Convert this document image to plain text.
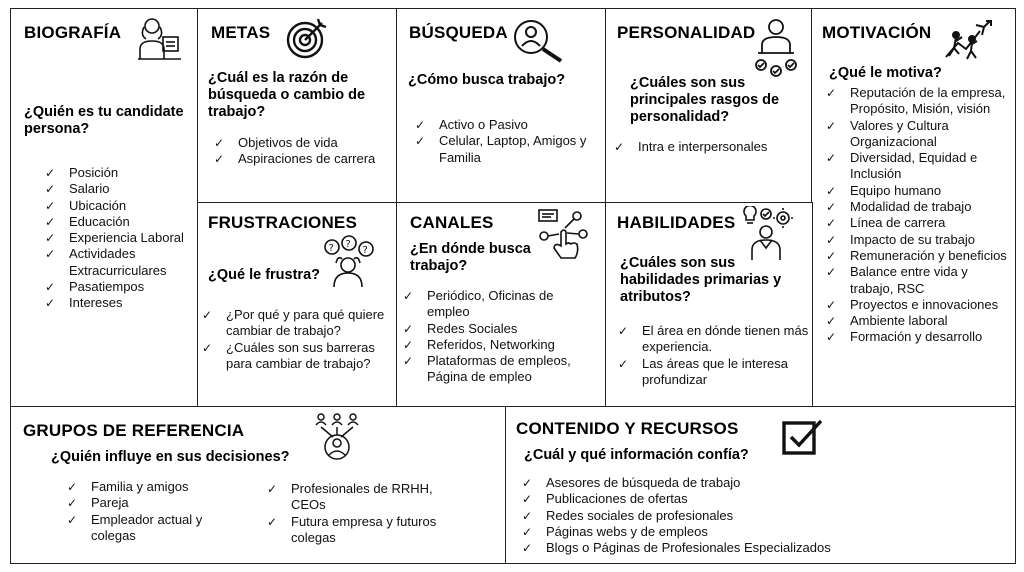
BIOGRAFÍA
¿Quién es tu candidate persona?
✓ Posición
✓ Salario
✓ Ubicación
✓ Educación
✓ Experiencia Laboral
✓ Actividades Extracurriculares
✓ Pasatiempos
✓ Intereses
METAS
¿Cuál es la razón de búsqueda o cambio de trabajo?
✓ Objetivos de vida
✓ Aspiraciones de carrera
BÚSQUEDA
¿Cómo busca trabajo?
✓ Activo o Pasivo
✓ Celular, Laptop, Amigos y Familia
PERSONALIDAD
¿Cuáles son sus principales rasgos de personalidad?
✓ Intra e interpersonales
MOTIVACIÓN
¿Qué le motiva?
✓ Reputación de la empresa, Propósito, Misión, visión
✓ Valores y Cultura Organizacional
✓ Diversidad, Equidad e Inclusión
✓ Equipo humano
✓ Modalidad de trabajo
✓ Línea de carrera
✓ Impacto de su trabajo
✓ Remuneración y beneficios
✓ Balance entre vida y trabajo, RSC
✓ Proyectos e innovaciones
✓ Ambiente laboral
✓ Formación y desarrollo
FRUSTRACIONES
? ?
?
¿Qué le frustra?
✓ ¿Por qué y para qué quiere cambiar de trabajo?
✓ ¿Cuáles son sus barreras para cambiar de trabajo?
CANALES
¿En dónde busca trabajo?
✓ Periódico, Oficinas de empleo
✓ Redes Sociales
✓ Referidos, Networking
✓ Plataformas de empleos, Página de empleo
HABILIDADES
¿Cuáles son sus habilidades primarias y atributos?
✓ El área en dónde tienen más experiencia.
✓ Las áreas que le interesa profundizar
GRUPOS DE REFERENCIA
¿Quién influye en sus decisiones?
✓ Familia y amigos
✓ Pareja
✓ Empleador actual y colegas
✓ Profesionales de RRHH, CEOs
✓ Futura empresa y futuros colegas
CONTENIDO Y RECURSOS
¿Cuál y qué información confía?
✓ Asesores de búsqueda de trabajo
✓ Publicaciones de ofertas
✓ Redes sociales de profesionales
✓ Páginas webs y de empleos
✓ Blogs o Páginas de Profesionales Especializados
